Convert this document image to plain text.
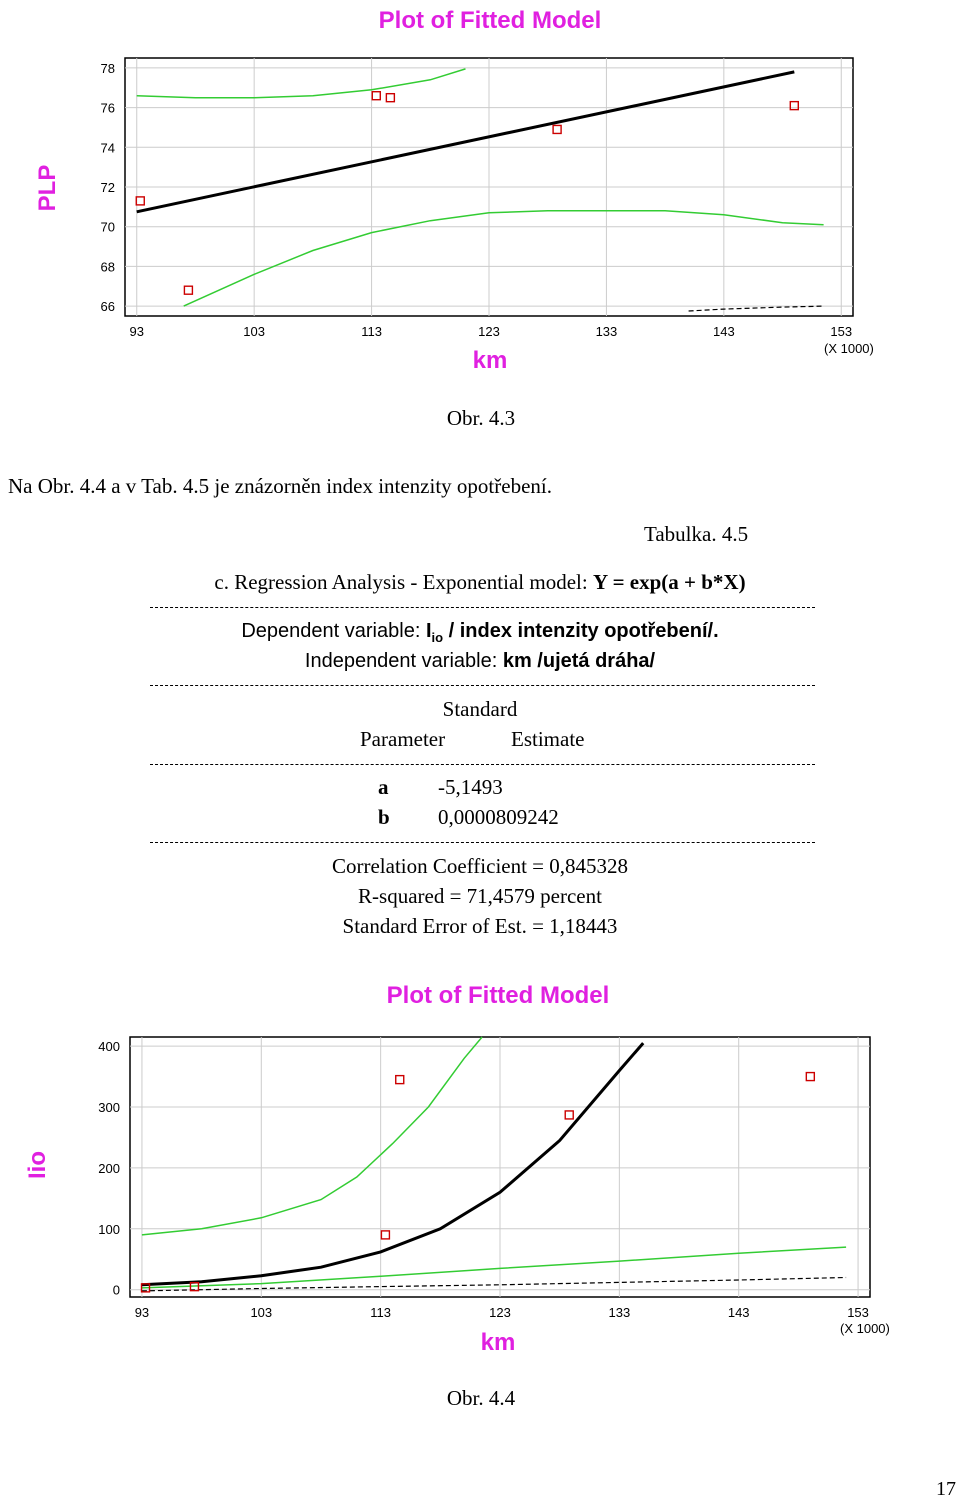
Plot of Fitted Model
66
68
70
72
74
76
78
93	103	113	123	133	143	153
(X 1000)
PLP
km
Obr. 4.3
Na Obr. 4.4 a v Tab. 4.5 je znázorněn index intenzity opotřebení.
Tabulka. 4.5
c. Regression Analysis - Exponential model: Y = exp(a + b*X)
Dependent variable: $I_{io}$ / index intenzity opotřebení/.
Independent variable: km /ujetá dráha/
Standard
Parameter	Estimate
a -5,1493
b 0,0000809242
Correlation Coefficient = 0,845328
R-squared = 71,4579 percent
Standard Error of Est. = 1,18443
Plot of Fitted Model
0
100
200
300
400
93	103	113	123	133	143	153
(X 1000)
Iio
km
Obr. 4.4
17
